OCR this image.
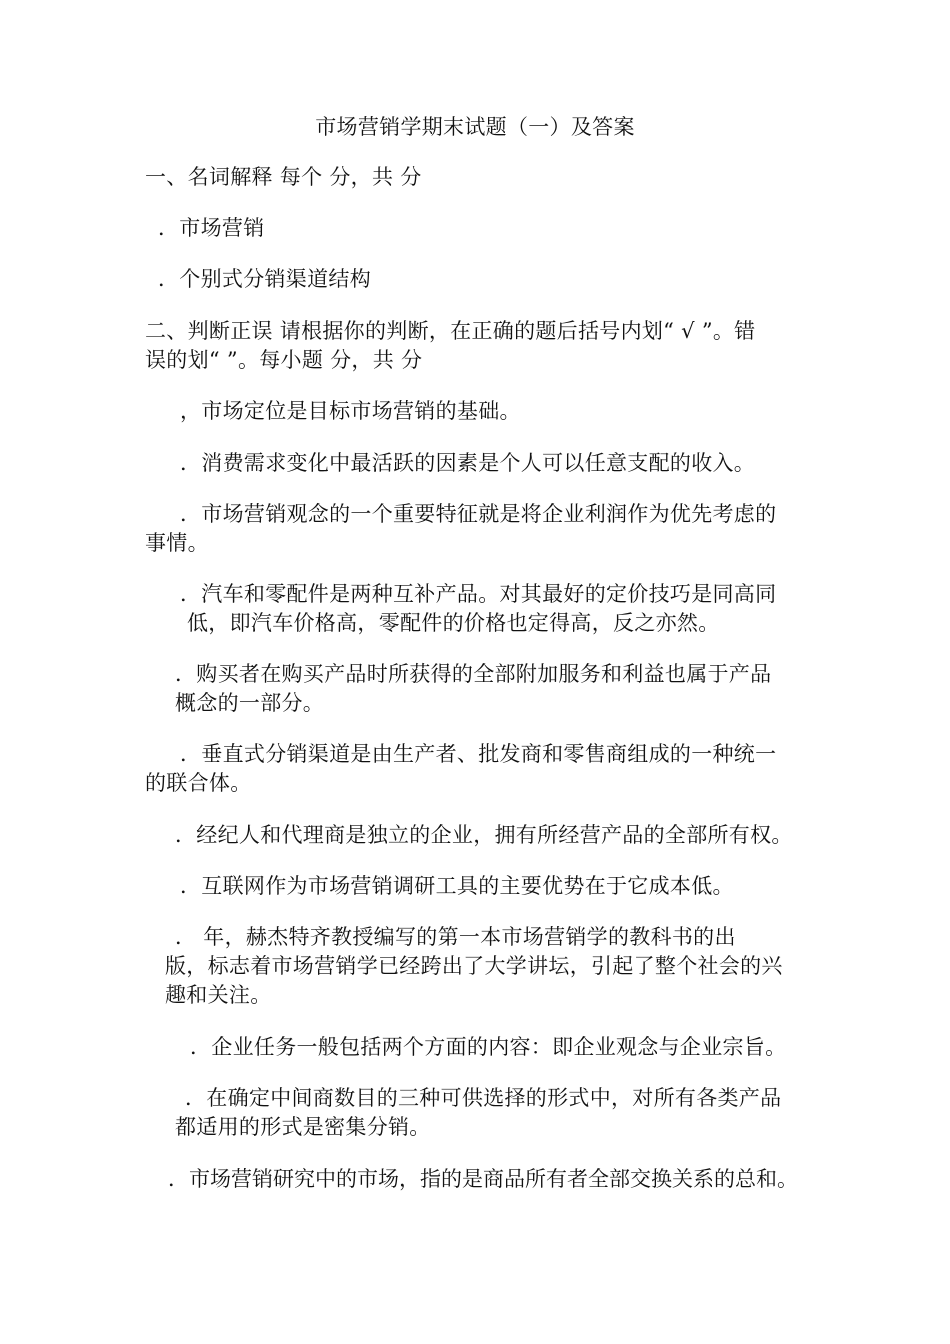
市场营销学期末试题（一）及答案
一、名词解释 每个 分，共 分
．市场营销
．个别式分销渠道结构
二、判断正误 请根据你的判断，在正确的题后括号内划“ √ ”。错
误的划“ ”。每小题 分，共 分
，市场定位是目标市场营销的基础。
．消费需求变化中最活跃的因素是个人可以任意支配的收入。
．市场营销观念的一个重要特征就是将企业利润作为优先考虑的
事情。
．汽车和零配件是两种互补产品。对其最好的定价技巧是同高同
低，即汽车价格高，零配件的价格也定得高，反之亦然。
．购买者在购买产品时所获得的全部附加服务和利益也属于产品
概念的一部分。
．垂直式分销渠道是由生产者、批发商和零售商组成的一种统一
的联合体。
．经纪人和代理商是独立的企业，拥有所经营产品的全部所有权。
．互联网作为市场营销调研工具的主要优势在于它成本低。
． 年，赫杰特齐教授编写的第一本市场营销学的教科书的出
版，标志着市场营销学已经跨出了大学讲坛，引起了整个社会的兴
趣和关注。
．企业任务一般包括两个方面的内容：即企业观念与企业宗旨。
．在确定中间商数目的三种可供选择的形式中，对所有各类产品
都适用的形式是密集分销。
．市场营销研究中的市场，指的是商品所有者全部交换关系的总和。
